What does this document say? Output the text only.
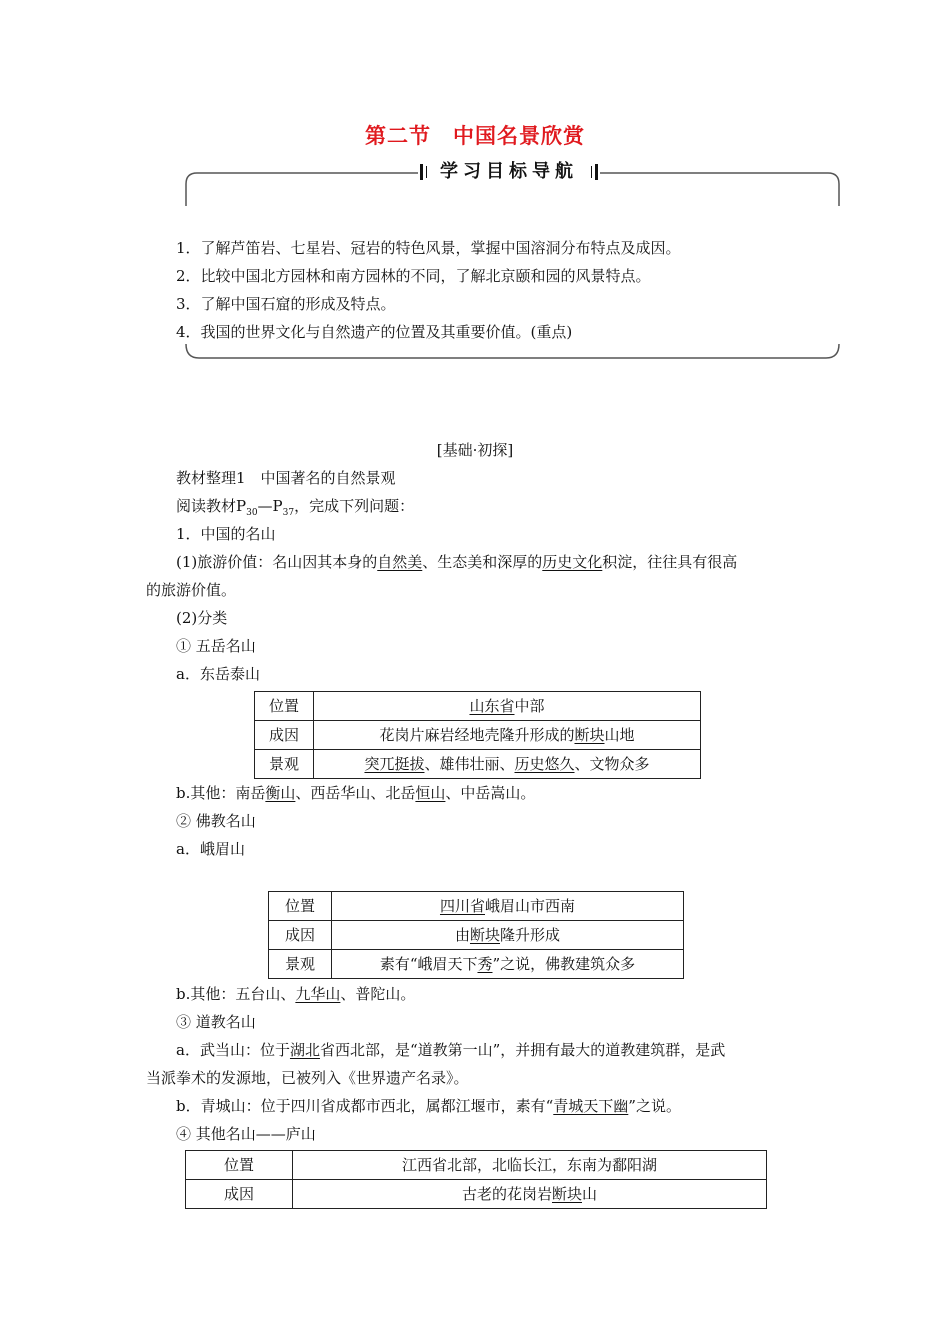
第二节　中国名景欣赏
学习目标导航
1．了解芦笛岩、七星岩、冠岩的特色风景，掌握中国溶洞分布特点及成因。
2．比较中国北方园林和南方园林的不同，了解北京颐和园的风景特点。
3．了解中国石窟的形成及特点。
4．我国的世界文化与自然遗产的位置及其重要价值。(重点)
[基础·初探]
教材整理1　中国著名的自然景观
阅读教材$P_{30}—P_{37}$，完成下列问题：
1．中国的名山
(1)旅游价值：名山因其本身的自然美、生态美和深厚的历史文化积淀，往往具有很高
的旅游价值。
(2)分类
① 五岳名山
a．东岳泰山
位置	山东省中部
成因	花岗片麻岩经地壳隆升形成的断块山地
景观	突兀挺拔、雄伟壮丽、历史悠久、文物众多
b.其他：南岳衡山、西岳华山、北岳恒山、中岳嵩山。
② 佛教名山
a．峨眉山
位置	四川省峨眉山市西南
成因	由断块隆升形成
景观	素有“峨眉天下秀”之说，佛教建筑众多
b.其他：五台山、九华山、普陀山。
③ 道教名山
a．武当山：位于湖北省西北部，是“道教第一山”，并拥有最大的道教建筑群，是武
当派拳术的发源地，已被列入《世界遗产名录》。
b．青城山：位于四川省成都市西北，属都江堰市，素有“青城天下幽”之说。
④ 其他名山——庐山
位置	江西省北部，北临长江，东南为鄱阳湖
成因	古老的花岗岩断块山
